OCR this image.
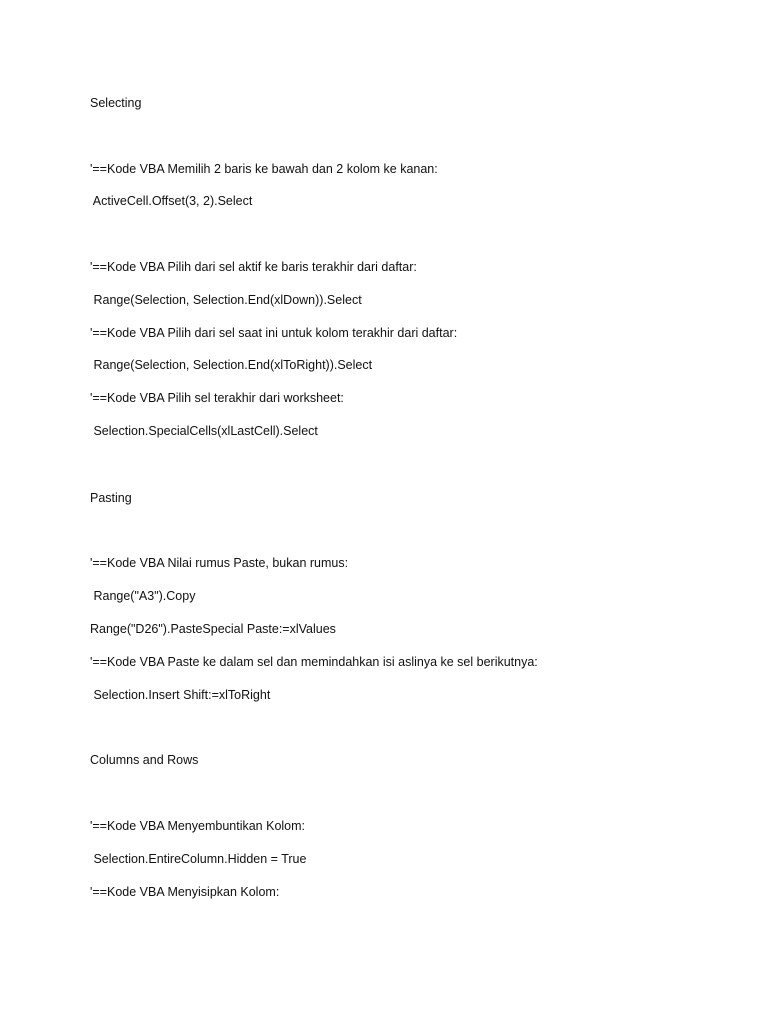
Selecting
'==Kode VBA Memilih 2 baris ke bawah dan 2 kolom ke kanan:
ActiveCell.Offset(3, 2).Select
'==Kode VBA Pilih dari sel aktif ke baris terakhir dari daftar:
Range(Selection, Selection.End(xlDown)).Select
'==Kode VBA Pilih dari sel saat ini untuk kolom terakhir dari daftar:
Range(Selection, Selection.End(xlToRight)).Select
'==Kode VBA Pilih sel terakhir dari worksheet:
Selection.SpecialCells(xlLastCell).Select
Pasting
'==Kode VBA Nilai rumus Paste, bukan rumus:
Range("A3").Copy
Range("D26").PasteSpecial Paste:=xlValues
'==Kode VBA Paste ke dalam sel dan memindahkan isi aslinya ke sel berikutnya:
Selection.Insert Shift:=xlToRight
Columns and Rows
'==Kode VBA Menyembuntikan Kolom:
Selection.EntireColumn.Hidden = True
'==Kode VBA Menyisipkan Kolom:
